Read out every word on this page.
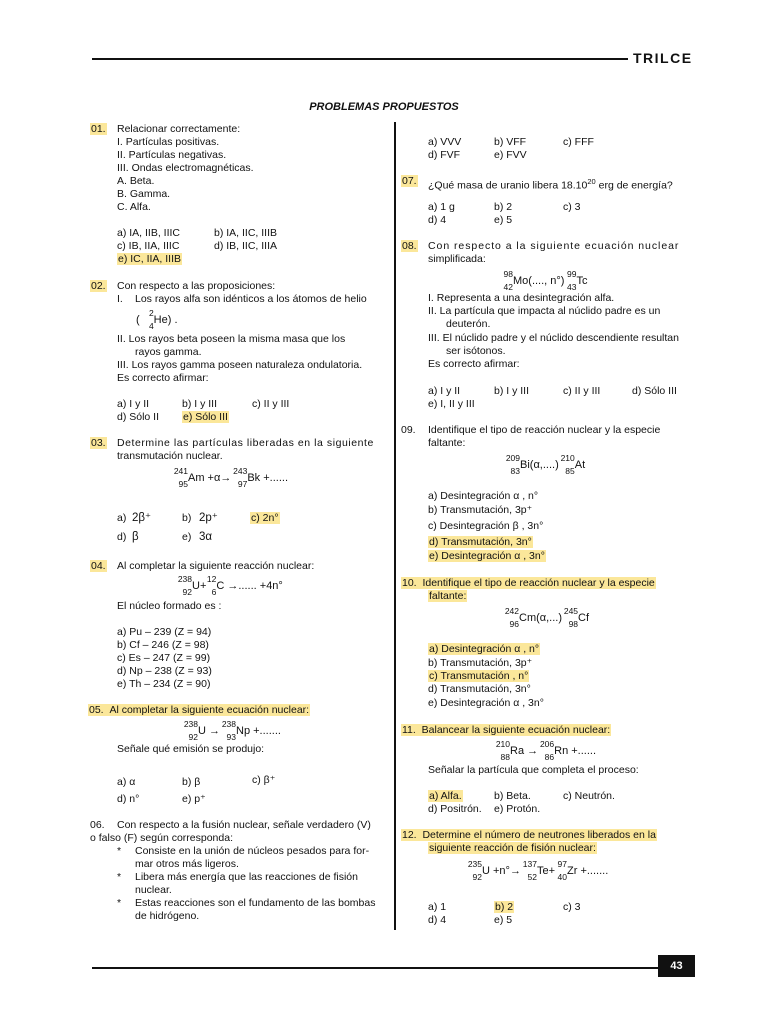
TRILCE
PROBLEMAS PROPUESTOS
01. Relacionar correctamente:
I. Partículas positivas.
II. Partículas negativas.
III. Ondas electromagnéticas.
A. Beta.
B. Gamma.
C. Alfa.
a) IA, IIB, IIIC	b) IA, IIC, IIIB
c) IB, IIA, IIIC	d) IB, IIC, IIIA
e) IC, IIA, IIIB
02. Con respecto a las proposiciones:
I. Los rayos alfa son idénticos a los átomos de helio
(
2
4
He) .
II. Los rayos beta poseen la misma masa que los
rayos gamma.
III. Los rayos gamma poseen naturaleza ondulatoria.
Es correcto afirmar:
a) I y II	b) I y III	c) II y III
d) Sólo II e) Sólo III
03. Determine las partículas liberadas en la siguiente
transmutación nuclear.
241
95
Am +α→
243
97
Bk +......
a) 2β⁺	b) 2p⁺	c) 2n°
d) β	e) 3α
04. Al completar la siguiente reacción nuclear:
238
92
U+
12
6
C →...... +4n°
El núcleo formado es :
a) Pu – 239 (Z = 94)
b) Cf – 246 (Z = 98)
c) Es – 247 (Z = 99)
d) Np – 238 (Z = 93)
e) Th – 234 (Z = 90)
05. Al completar la siguiente ecuación nuclear:
238
92
U →
238
93
Np +.......
Señale qué emisión se produjo:
a) α	b) β	c) β⁺
d) n°	e) p⁺
06. Con respecto a la fusión nuclear, señale verdadero (V)
o falso (F) según corresponda:
* Consiste en la unión de núcleos pesados para for-
mar otros más ligeros.
* Libera más energía que las reacciones de fisión
nuclear.
* Estas reacciones son el fundamento de las bombas
de hidrógeno.
a) VVV	b) VFF	c) FFF
d) FVF	e) FVV
07. ¿Qué masa de uranio libera 18.10$^{20}$ erg de energía?
a) 1 g	b) 2	c) 3
d) 4	e) 5
08. Con respecto a la siguiente ecuación nuclear
simplificada:
98
42
Mo(...., n°)
99
43
Tc
I. Representa a una desintegración alfa.
II. La partícula que impacta al núclido padre es un
deuterón.
III. El núclido padre y el núclido descendiente resultan
ser isótonos.
Es correcto afirmar:
a) I y II	b) I y III	c) II y III	d) Sólo III
e) I, II y III
09. Identifique el tipo de reacción nuclear y la especie
faltante:
209
83
Bi(α,....)
210
85
At
a) Desintegración α , n°
b) Transmutación, 3p⁺
c) Desintegración β , 3n°
d) Transmutación, 3n°
e) Desintegración α , 3n°
10. Identifique el tipo de reacción nuclear y la especie
faltante:
242
96
Cm(α,...)
245
98
Cf
a) Desintegración α , n°
b) Transmutación, 3p⁺
c) Transmutación , n°
d) Transmutación, 3n°
e) Desintegración α , 3n°
11. Balancear la siguiente ecuación nuclear:
210
88
Ra →
206
86
Rn +......
Señalar la partícula que completa el proceso:
a) Alfa.	b) Beta.	c) Neutrón.
d) Positrón. e) Protón.
12. Determine el número de neutrones liberados en la
siguiente reacción de fisión nuclear:
235
92
U +n°→
137
52
Te+
97
40
Zr +.......
a) 1	b) 2	c) 3
d) 4	e) 5
43
